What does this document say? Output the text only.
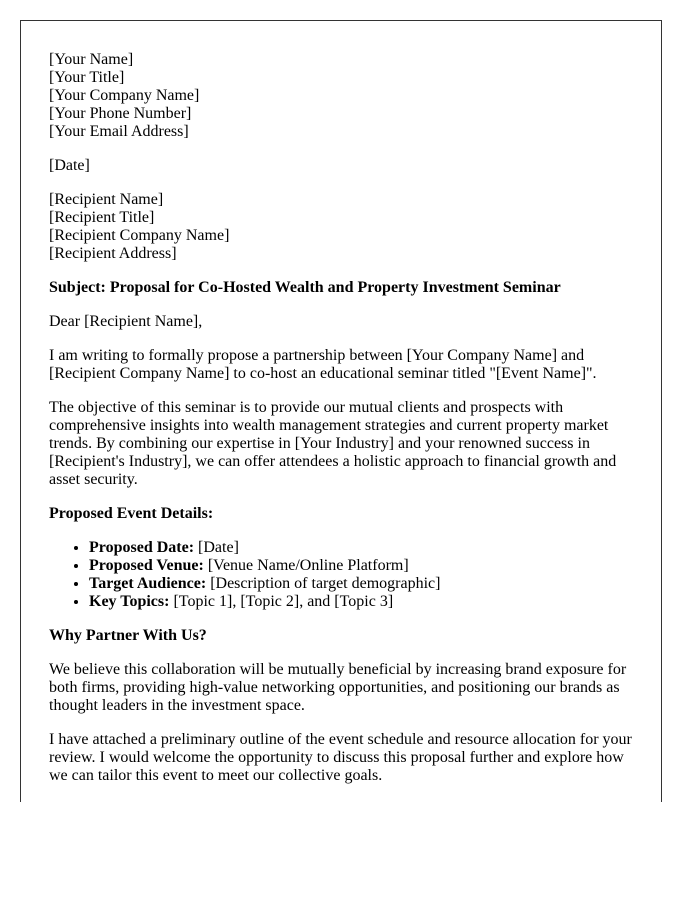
[Your Name]
[Your Title]
[Your Company Name]
[Your Phone Number]
[Your Email Address]

[Date]

[Recipient Name]
[Recipient Title]
[Recipient Company Name]
[Recipient Address]

Subject: Proposal for Co-Hosted Wealth and Property Investment Seminar

Dear [Recipient Name],

I am writing to formally propose a partnership between [Your Company Name] and [Recipient Company Name] to co-host an educational seminar titled "[Event Name]".

The objective of this seminar is to provide our mutual clients and prospects with comprehensive insights into wealth management strategies and current property market trends. By combining our expertise in [Your Industry] and your renowned success in [Recipient's Industry], we can offer attendees a holistic approach to financial growth and asset security.

Proposed Event Details:
• Proposed Date: [Date]
• Proposed Venue: [Venue Name/Online Platform]
• Target Audience: [Description of target demographic]
• Key Topics: [Topic 1], [Topic 2], and [Topic 3]
Why Partner With Us?

We believe this collaboration will be mutually beneficial by increasing brand exposure for both firms, providing high-value networking opportunities, and positioning our brands as thought leaders in the investment space.

I have attached a preliminary outline of the event schedule and resource allocation for your review. I would welcome the opportunity to discuss this proposal further and explore how we can tailor this event to meet our collective goals.
